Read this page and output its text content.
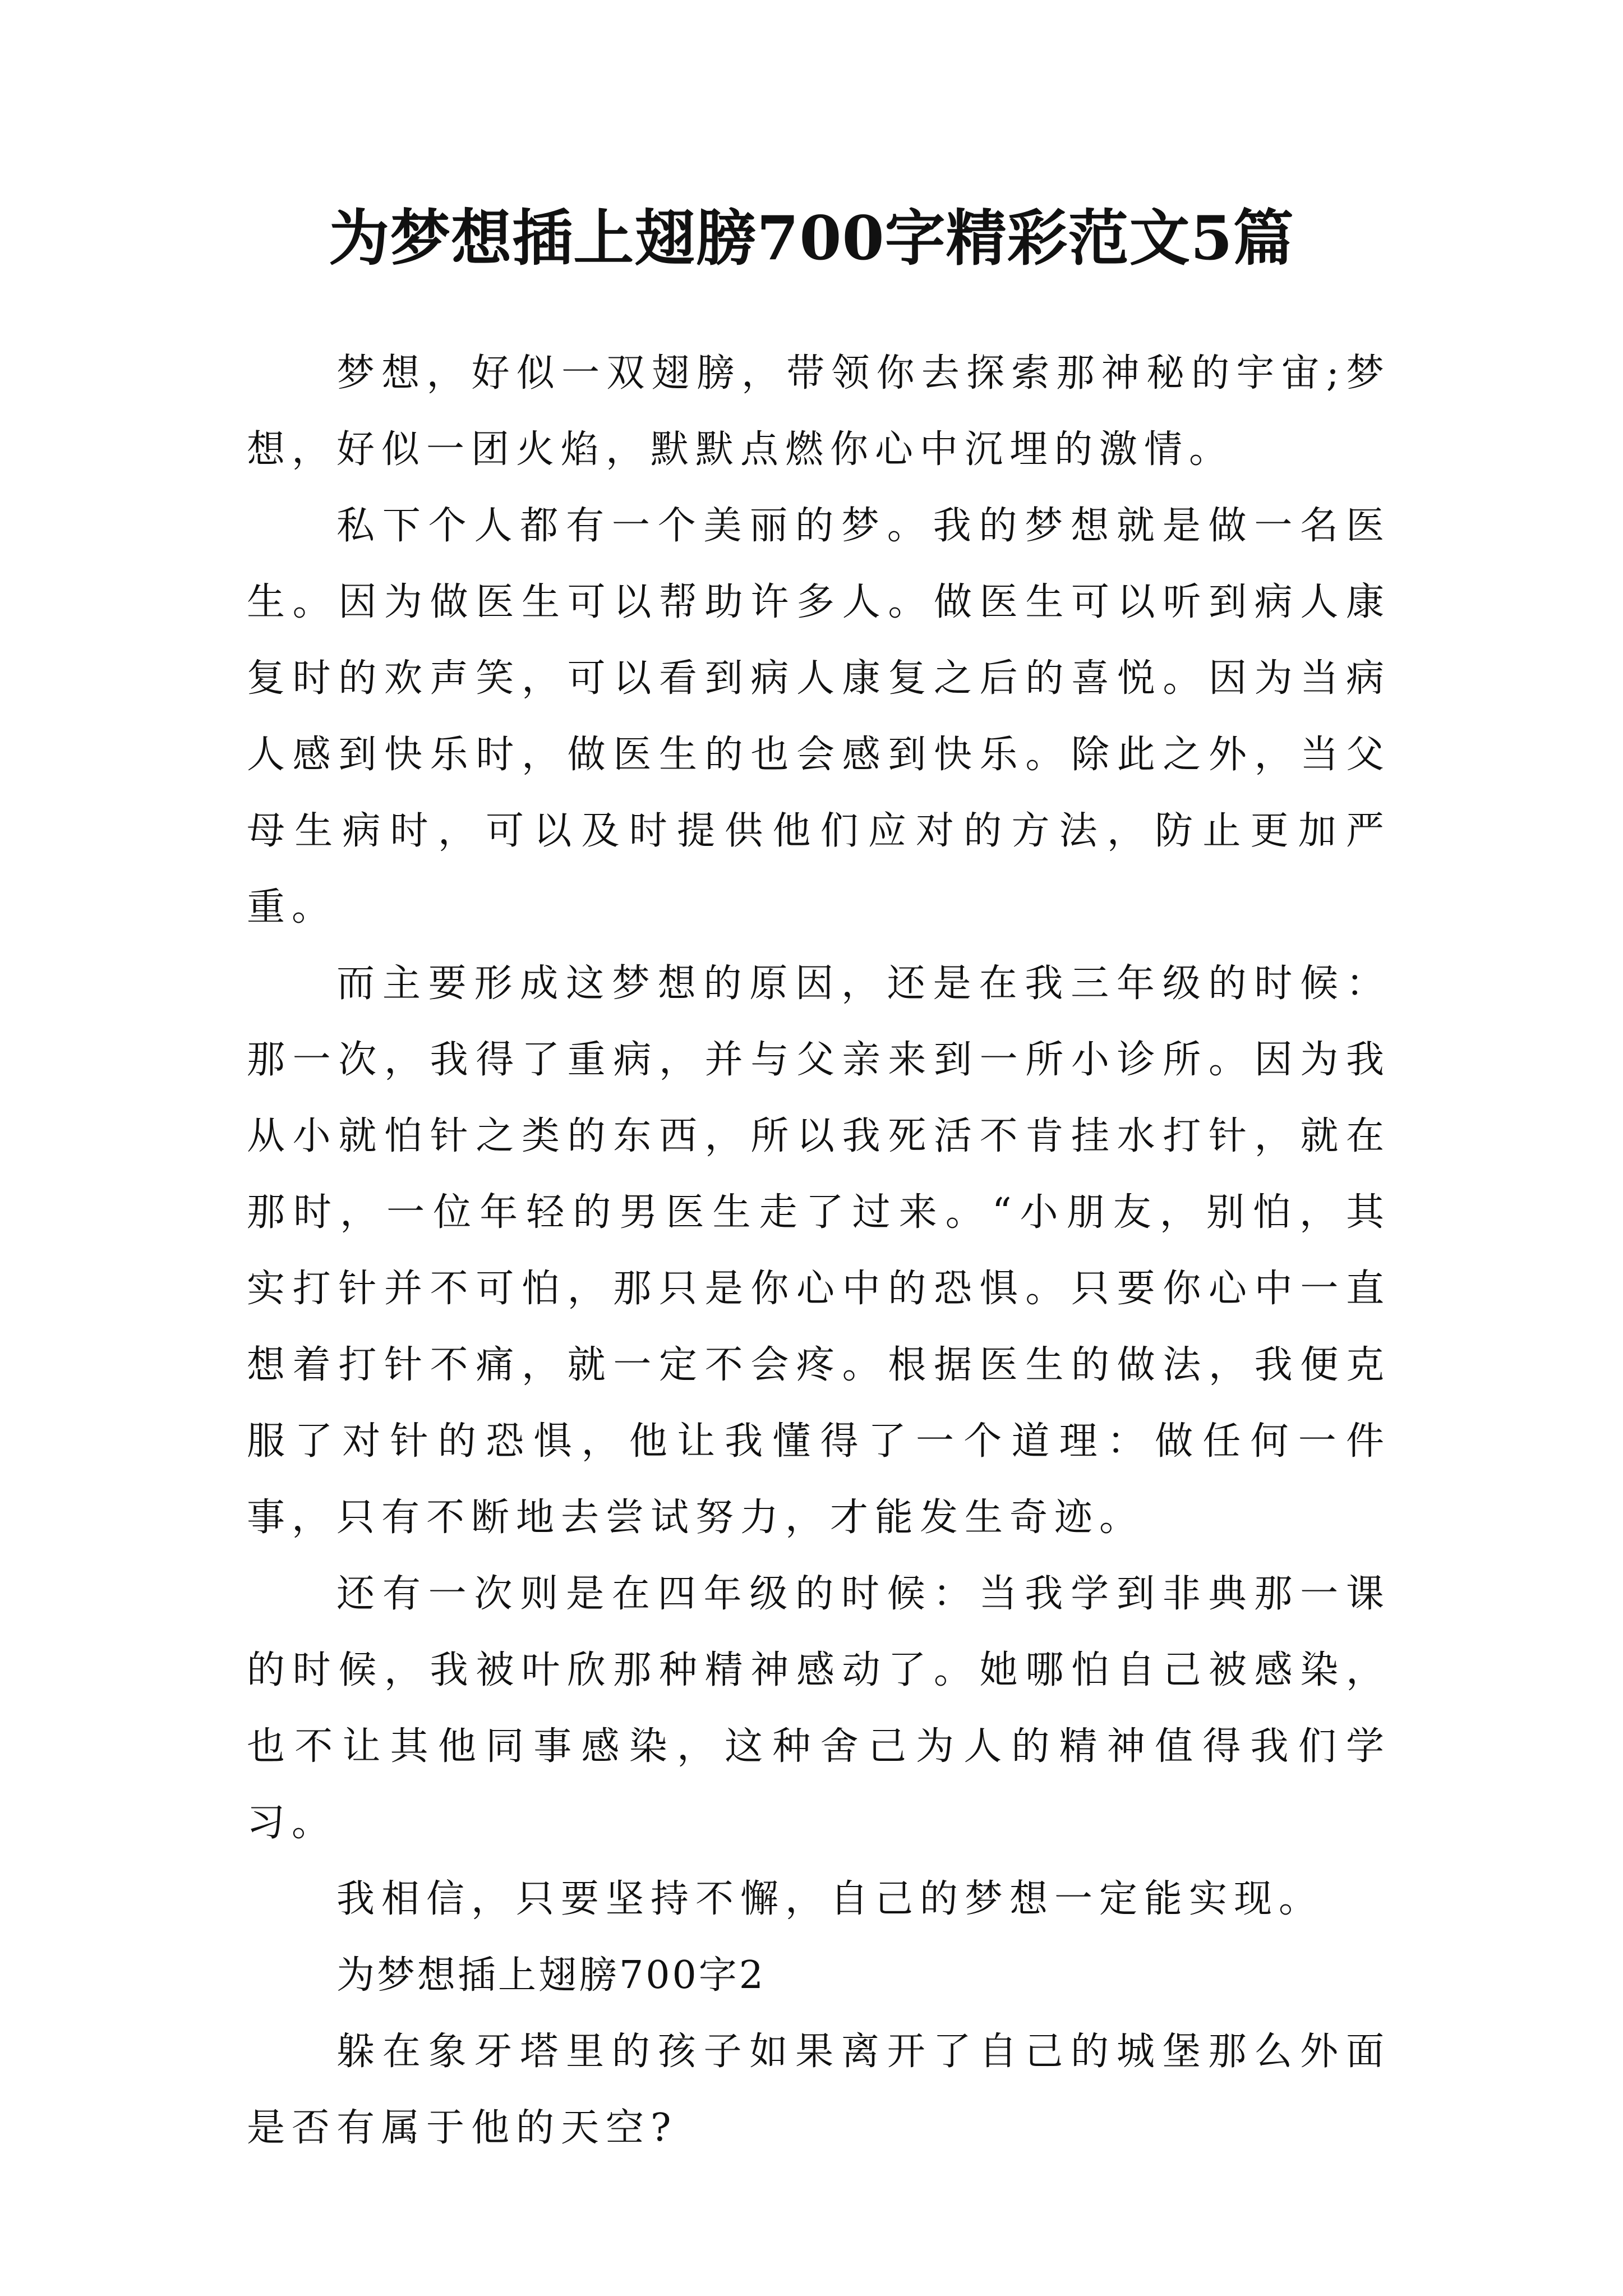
为梦想插上翅膀700字精彩范文5篇

梦想，好似一双翅膀，带领你去探索那神秘的宇宙;梦想，好似一团火焰，默默点燃你心中沉埋的激情。

私下个人都有一个美丽的梦。我的梦想就是做一名医生。因为做医生可以帮助许多人。做医生可以听到病人康复时的欢声笑，可以看到病人康复之后的喜悦。因为当病人感到快乐时，做医生的也会感到快乐。除此之外，当父母生病时，可以及时提供他们应对的方法，防止更加严重。

而主要形成这梦想的原因，还是在我三年级的时候：那一次，我得了重病，并与父亲来到一所小诊所。因为我从小就怕针之类的东西，所以我死活不肯挂水打针，就在那时，一位年轻的男医生走了过来。“小朋友，别怕，其实打针并不可怕，那只是你心中的恐惧。只要你心中一直想着打针不痛，就一定不会疼。根据医生的做法，我便克服了对针的恐惧，他让我懂得了一个道理：做任何一件事，只有不断地去尝试努力，才能发生奇迹。

还有一次则是在四年级的时候：当我学到非典那一课的时候，我被叶欣那种精神感动了。她哪怕自己被感染，也不让其他同事感染，这种舍己为人的精神值得我们学习。

我相信，只要坚持不懈，自己的梦想一定能实现。

为梦想插上翅膀700字2

躲在象牙塔里的孩子如果离开了自己的城堡那么外面是否有属于他的天空?
